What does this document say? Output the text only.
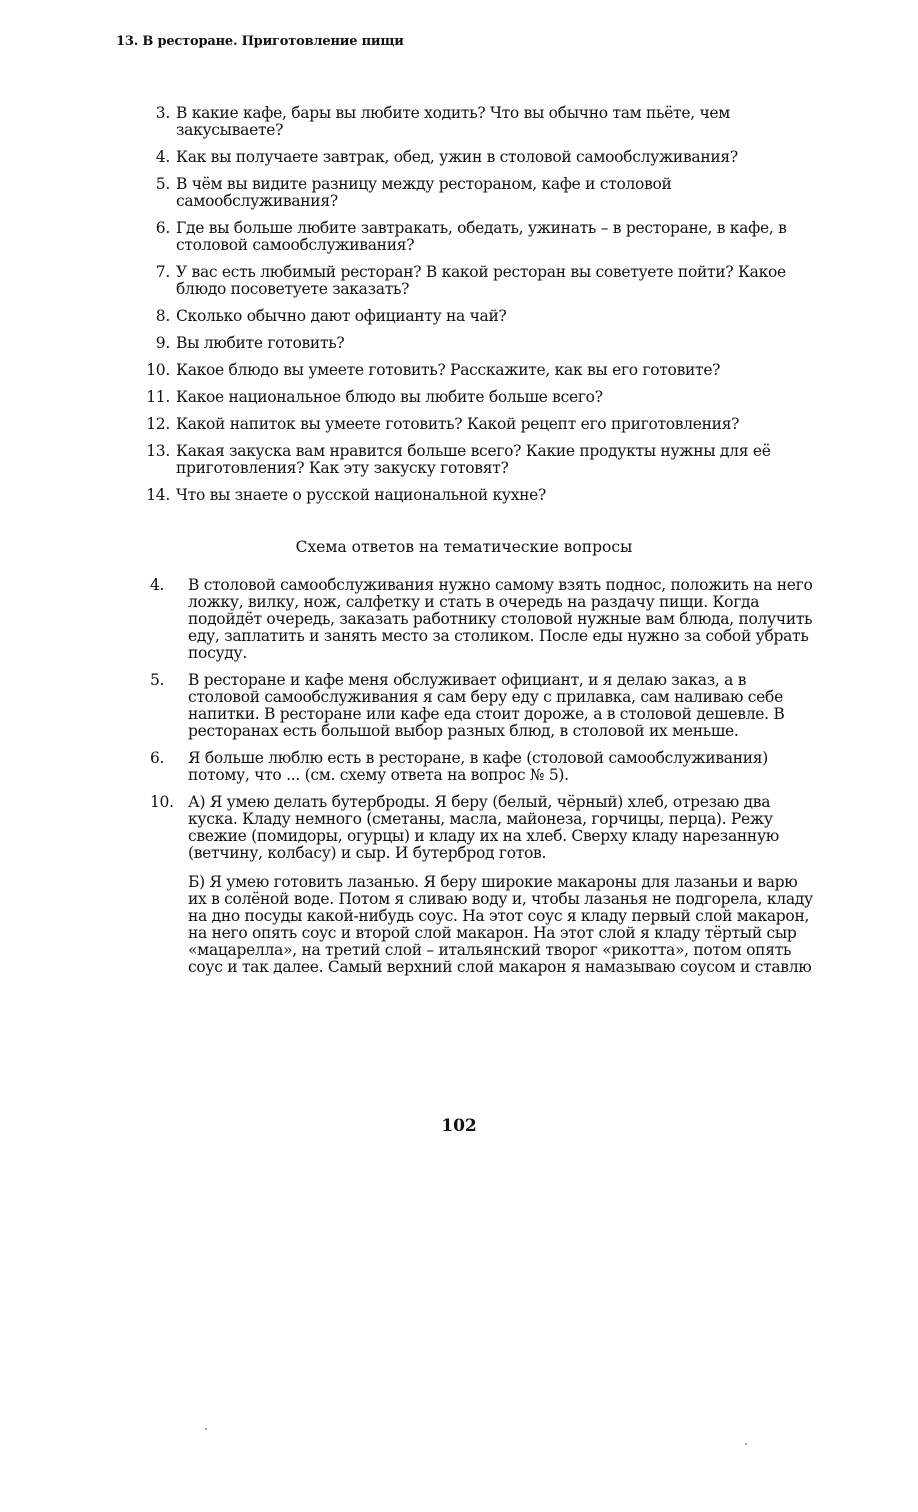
13. В ресторане. Приготовление пищи
3. В какие кафе, бары вы любите ходить? Что вы обычно там пьёте, чем закусываете?
4. Как вы получаете завтрак, обед, ужин в столовой самообслуживания?
5. В чём вы видите разницу между рестораном, кафе и столовой самообслуживания?
6. Где вы больше любите завтракать, обедать, ужинать – в ресторане, в кафе, в столовой самообслуживания?
7. У вас есть любимый ресторан? В какой ресторан вы советуете пойти? Какое блюдо посоветуете заказать?
8. Сколько обычно дают официанту на чай?
9. Вы любите готовить?
10. Какое блюдо вы умеете готовить? Расскажите, как вы его готовите?
11. Какое национальное блюдо вы любите больше всего?
12. Какой напиток вы умеете готовить? Какой рецепт его приготовления?
13. Какая закуска вам нравится больше всего? Какие продукты нужны для её приготовления? Как эту закуску готовят?
14. Что вы знаете о русской национальной кухне?
Схема ответов на тематические вопросы
4.	В столовой самообслуживания нужно самому взять поднос, положить на него ложку, вилку, нож, салфетку и стать в очередь на раздачу пищи. Когда подойдёт очередь, заказать работнику столовой нужные вам блюда, получить еду, заплатить и занять место за столиком. После еды нужно за собой убрать посуду.

5.	В ресторане и кафе меня обслуживает официант, и я делаю заказ, а в столовой самообслуживания я сам беру еду с прилавка, сам наливаю себе напитки. В ресторане или кафе еда стоит дороже, а в столовой дешевле. В ресторанах есть большой выбор разных блюд, в столовой их меньше.

6.	Я больше люблю есть в ресторане, в кафе (столовой самообслуживания) потому, что ... (см. схему ответа на вопрос № 5).

10. А) Я умею делать бутерброды. Я беру (белый, чёрный) хлеб, отрезаю два куска. Кладу немного (сметаны, масла, майонеза, горчицы, перца). Режу свежие (помидоры, огурцы) и кладу их на хлеб. Сверху кладу нарезанную (ветчину, колбасу) и сыр. И бутерброд готов.

Б) Я умею готовить лазанью. Я беру широкие макароны для лазаньи и варю их в солёной воде. Потом я сливаю воду и, чтобы лазанья не подгорела, кладу на дно посуды какой-нибудь соус. На этот соус я кладу первый слой макарон, на него опять соус и второй слой макарон. На этот слой я кладу тёртый сыр «мацарелла», на третий слой – итальянский творог «рикотта», потом опять соус и так далее. Самый верхний слой макарон я намазываю соусом и ставлю

102
